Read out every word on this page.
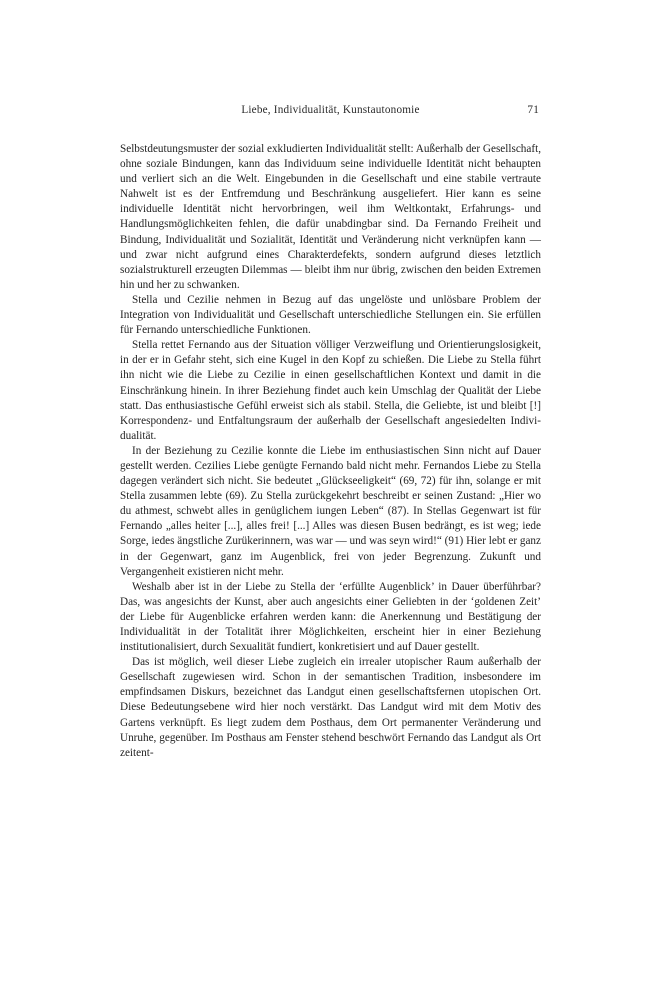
Liebe, Individualität, Kunstautonomie	71

Selbstdeutungsmuster der sozial exkludierten Individualität stellt: Außerhalb der Gesellschaft, ohne soziale Bindungen, kann das Individuum seine individuelle Identität nicht behaupten und verliert sich an die Welt. Eingebunden in die Gesellschaft und eine stabile vertraute Nahwelt ist es der Entfremdung und Beschränkung ausgeliefert. Hier kann es seine individuelle Identität nicht hervorbringen, weil ihm Weltkontakt, Erfahrungs- und Handlungsmöglichkeiten fehlen, die dafür unabdingbar sind. Da Fernando Freiheit und Bindung, Individualität und Sozialität, Identität und Veränderung nicht verknüpfen kann — und zwar nicht aufgrund eines Charakterdefekts, sondern aufgrund dieses letztlich sozialstrukturell erzeugten Dilemmas — bleibt ihm nur übrig, zwischen den beiden Extremen hin und her zu schwanken.

Stella und Cezilie nehmen in Bezug auf das ungelöste und unlösbare Problem der Integration von Individualität und Gesellschaft unterschiedliche Stellungen ein. Sie erfüllen für Fernando unterschiedliche Funktionen.

Stella rettet Fernando aus der Situation völliger Verzweiflung und Orientierungslosigkeit, in der er in Gefahr steht, sich eine Kugel in den Kopf zu schießen. Die Liebe zu Stella führt ihn nicht wie die Liebe zu Cezilie in einen gesellschaftlichen Kontext und damit in die Einschränkung hinein. In ihrer Beziehung findet auch kein Umschlag der Qualität der Liebe statt. Das enthusiastische Gefühl erweist sich als stabil. Stella, die Geliebte, ist und bleibt [!] Korrespondenz- und Entfaltungsraum der außerhalb der Gesellschaft angesiedelten Individualität.

In der Beziehung zu Cezilie konnte die Liebe im enthusiastischen Sinn nicht auf Dauer gestellt werden. Cezilies Liebe genügte Fernando bald nicht mehr. Fernandos Liebe zu Stella dagegen verändert sich nicht. Sie bedeutet „Glückseeligkeit“ (69, 72) für ihn, solange er mit Stella zusammen lebte (69). Zu Stella zurückgekehrt beschreibt er seinen Zustand: „Hier wo du athmest, schwebt alles in genüglichem iungen Leben“ (87). In Stellas Gegenwart ist für Fernando „alles heiter [...], alles frei! [...] Alles was diesen Busen bedrängt, es ist weg; iede Sorge, iedes ängstliche Zurükerinnern, was war — und was seyn wird!“ (91) Hier lebt er ganz in der Gegenwart, ganz im Augenblick, frei von jeder Begrenzung. Zukunft und Vergangenheit existieren nicht mehr.

Weshalb aber ist in der Liebe zu Stella der ‘erfüllte Augenblick’ in Dauer überführbar? Das, was angesichts der Kunst, aber auch angesichts einer Geliebten in der ‘goldenen Zeit’ der Liebe für Augenblicke erfahren werden kann: die Anerkennung und Bestätigung der Individualität in der Totalität ihrer Möglichkeiten, erscheint hier in einer Beziehung institutionalisiert, durch Sexualität fundiert, konkretisiert und auf Dauer gestellt.

Das ist möglich, weil dieser Liebe zugleich ein irrealer utopischer Raum außerhalb der Gesellschaft zugewiesen wird. Schon in der semantischen Tradition, insbesondere im empfindsamen Diskurs, bezeichnet das Landgut einen gesellschaftsfernen utopischen Ort. Diese Bedeutungsebene wird hier noch verstärkt. Das Landgut wird mit dem Motiv des Gartens verknüpft. Es liegt zudem dem Posthaus, dem Ort permanenter Veränderung und Unruhe, gegenüber. Im Posthaus am Fenster stehend beschwört Fernando das Landgut als Ort zeitent-
